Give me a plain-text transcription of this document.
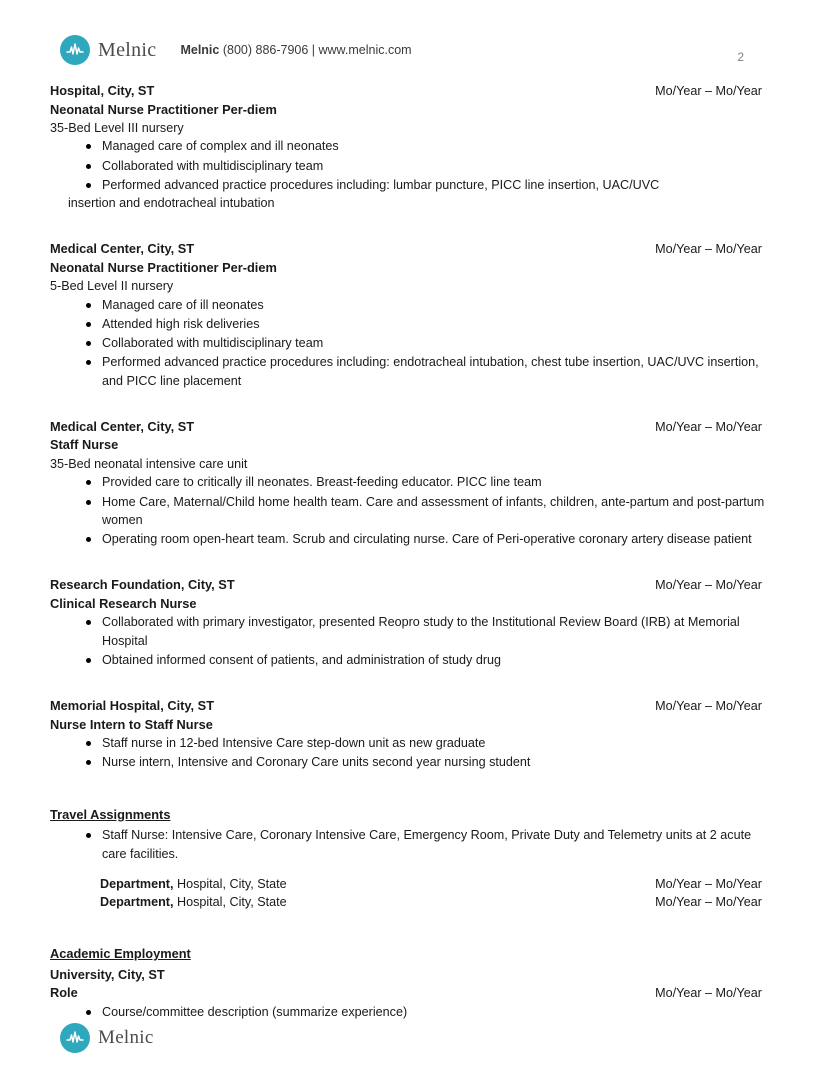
Melnic Melnic (800) 886-7906 | www.melnic.com	2
Hospital, City, ST	Mo/Year – Mo/Year
Neonatal Nurse Practitioner Per-diem
35-Bed Level III nursery
Managed care of complex and ill neonates
Collaborated with multidisciplinary team
Performed advanced practice procedures including: lumbar puncture, PICC line insertion, UAC/UVC
insertion and endotracheal intubation
Medical Center, City, ST	Mo/Year – Mo/Year
Neonatal Nurse Practitioner Per-diem
5-Bed Level II nursery
Managed care of ill neonates
Attended high risk deliveries
Collaborated with multidisciplinary team
Performed advanced practice procedures including: endotracheal intubation, chest tube insertion, UAC/UVC insertion, and PICC line placement
Medical Center, City, ST	Mo/Year – Mo/Year
Staff Nurse
35-Bed neonatal intensive care unit
Provided care to critically ill neonates. Breast-feeding educator. PICC line team
Home Care, Maternal/Child home health team. Care and assessment of infants, children, ante-partum and post-partum women
Operating room open-heart team. Scrub and circulating nurse. Care of Peri-operative coronary artery disease patient
Research Foundation, City, ST	Mo/Year – Mo/Year
Clinical Research Nurse
Collaborated with primary investigator, presented Reopro study to the Institutional Review Board (IRB) at Memorial Hospital
Obtained informed consent of patients, and administration of study drug
Memorial Hospital, City, ST	Mo/Year – Mo/Year
Nurse Intern to Staff Nurse
Staff nurse in 12-bed Intensive Care step-down unit as new graduate
Nurse intern, Intensive and Coronary Care units second year nursing student
Travel Assignments
Staff Nurse: Intensive Care, Coronary Intensive Care, Emergency Room, Private Duty and Telemetry units at 2 acute care facilities.
Department, Hospital, City, State	Mo/Year – Mo/Year
Department, Hospital, City, State	Mo/Year – Mo/Year
Academic Employment
University, City, ST
Role	Mo/Year – Mo/Year
Course/committee description (summarize experience)
Melnic
